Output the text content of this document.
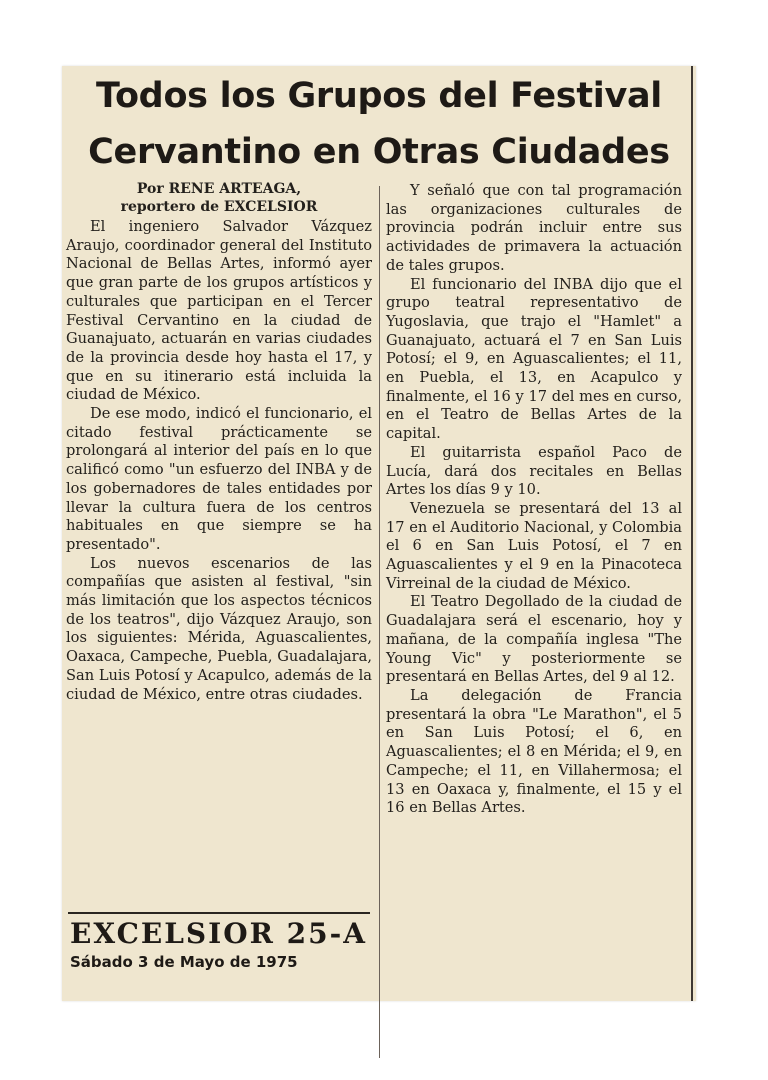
Todos los Grupos del Festival
Cervantino en Otras Ciudades
Por RENE ARTEAGA,
reportero de EXCELSIOR

El ingeniero Salvador Vázquez Araujo, coordinador general del Instituto Nacional de Bellas Artes, informó ayer que gran parte de los grupos artísticos y culturales que participan en el Tercer Festival Cervantino en la ciudad de Guanajuato, actuarán en varias ciudades de la provincia desde hoy hasta el 17, y que en su itinerario está incluida la ciudad de México.

De ese modo, indicó el funcionario, el citado festival prácticamente se prolongará al interior del país en lo que calificó como "un esfuerzo del INBA y de los gobernadores de tales entidades por llevar la cultura fuera de los centros habituales en que siempre se ha presentado".

Los nuevos escenarios de las compañías que asisten al festival, "sin más limitación que los aspectos técnicos de los teatros", dijo Vázquez Araujo, son los siguientes: Mérida, Aguascalientes, Oaxaca, Campeche, Puebla, Guadalajara, San Luis Potosí y Acapulco, además de la ciudad de México, entre otras ciudades.

Y señaló que con tal programación las organizaciones culturales de provincia podrán incluir entre sus actividades de primavera la actuación de tales grupos.

El funcionario del INBA dijo que el grupo teatral representativo de Yugoslavia, que trajo el "Hamlet" a Guanajuato, actuará el 7 en San Luis Potosí; el 9, en Aguascalientes; el 11, en Puebla, el 13, en Acapulco y finalmente, el 16 y 17 del mes en curso, en el Teatro de Bellas Artes de la capital.

El guitarrista español Paco de Lucía, dará dos recitales en Bellas Artes los días 9 y 10.

Venezuela se presentará del 13 al 17 en el Auditorio Nacional, y Colombia el 6 en San Luis Potosí, el 7 en Aguascalientes y el 9 en la Pinacoteca Virreinal de la ciudad de México.

El Teatro Degollado de la ciudad de Guadalajara será el escenario, hoy y mañana, de la compañía inglesa "The Young Vic" y posteriormente se presentará en Bellas Artes, del 9 al 12.

La delegación de Francia presentará la obra "Le Marathon", el 5 en San Luis Potosí; el 6, en Aguascalientes; el 8 en Mérida; el 9, en Campeche; el 11, en Villahermosa; el 13 en Oaxaca y, finalmente, el 15 y el 16 en Bellas Artes.

EXCELSIOR 25-A
Sábado 3 de Mayo de 1975
